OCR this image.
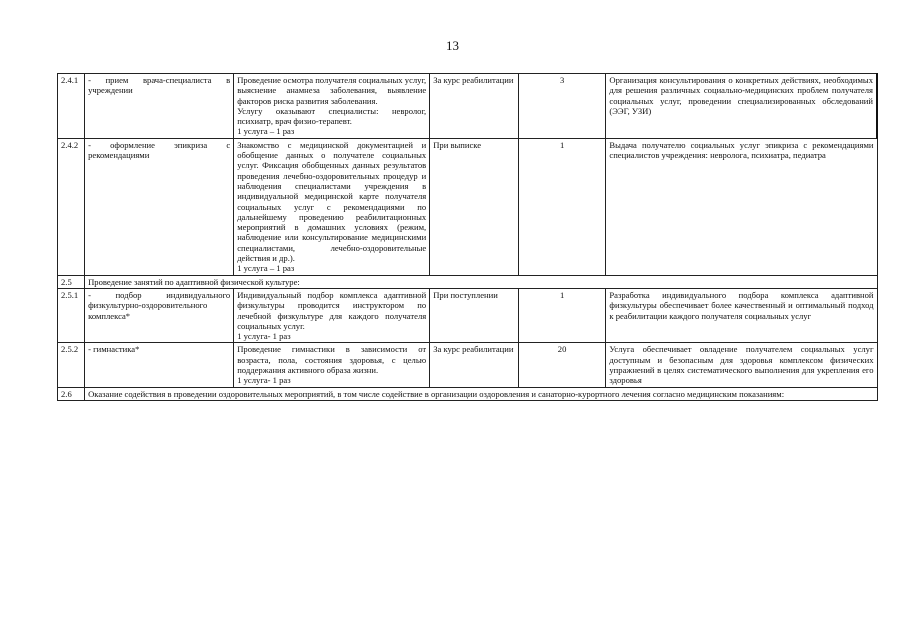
13
2.4.1	- прием врача-специалиста в учреждении	Проведение осмотра получателя социальных услуг, выяснение анамнеза заболевания, выявление факторов риска развития заболевания.
Услугу оказывают специалисты: невролог, психиатр, врач физио-терапевт.
1 услуга – 1 раз	За курс реабилитации	3	Организация консультирования о конкретных действиях, необходимых для решения различных социально-медицинских проблем получателя социальных услуг, проведении специализированных обследований (ЭЭГ, УЗИ)
2.4.2	- оформление эпикриза с рекомендациями	Знакомство с медицинской документацией и обобщение данных о получателе социальных услуг. Фиксация обобщенных данных результатов проведения лечебно-оздоровительных процедур и наблюдения специалистами учреждения в индивидуальной медицинской карте получателя социальных услуг с рекомендациями по дальнейшему проведению реабилитационных мероприятий в домашних условиях (режим, наблюдение или консультирование медицинскими специалистами, лечебно-оздоровительные действия и др.).
1 услуга – 1 раз	При выписке	1	Выдача получателю социальных услуг эпикриза с рекомендациями специалистов учреждения: невролога, психиатра, педиатра
2.5	Проведение занятий по адаптивной физической культуре:				
2.5.1	- подбор индивидуального физкультурно-оздоровительного комплекса*	Индивидуальный подбор комплекса адаптивной физкультуры проводится инструктором по лечебной физкультуре для каждого получателя социальных услуг.
1 услуга- 1 раз	При поступлении	1	Разработка индивидуального подбора комплекса адаптивной физкультуры обеспечивает более качественный и оптимальный подход к реабилитации каждого получателя социальных услуг
2.5.2	- гимнастика*	Проведение гимнастики в зависимости от возраста, пола, состояния здоровья, с целью поддержания активного образа жизни.
1 услуга- 1 раз	За курс реабилитации	20	Услуга обеспечивает овладение получателем социальных услуг доступным и безопасным для здоровья комплексом физических упражнений в целях систематического выполнения для укрепления его здоровья
2.6	Оказание содействия в проведении оздоровительных мероприятий, в том числе содействие в организации оздоровления и санаторно-курортного лечения согласно медицинским показаниям:				
